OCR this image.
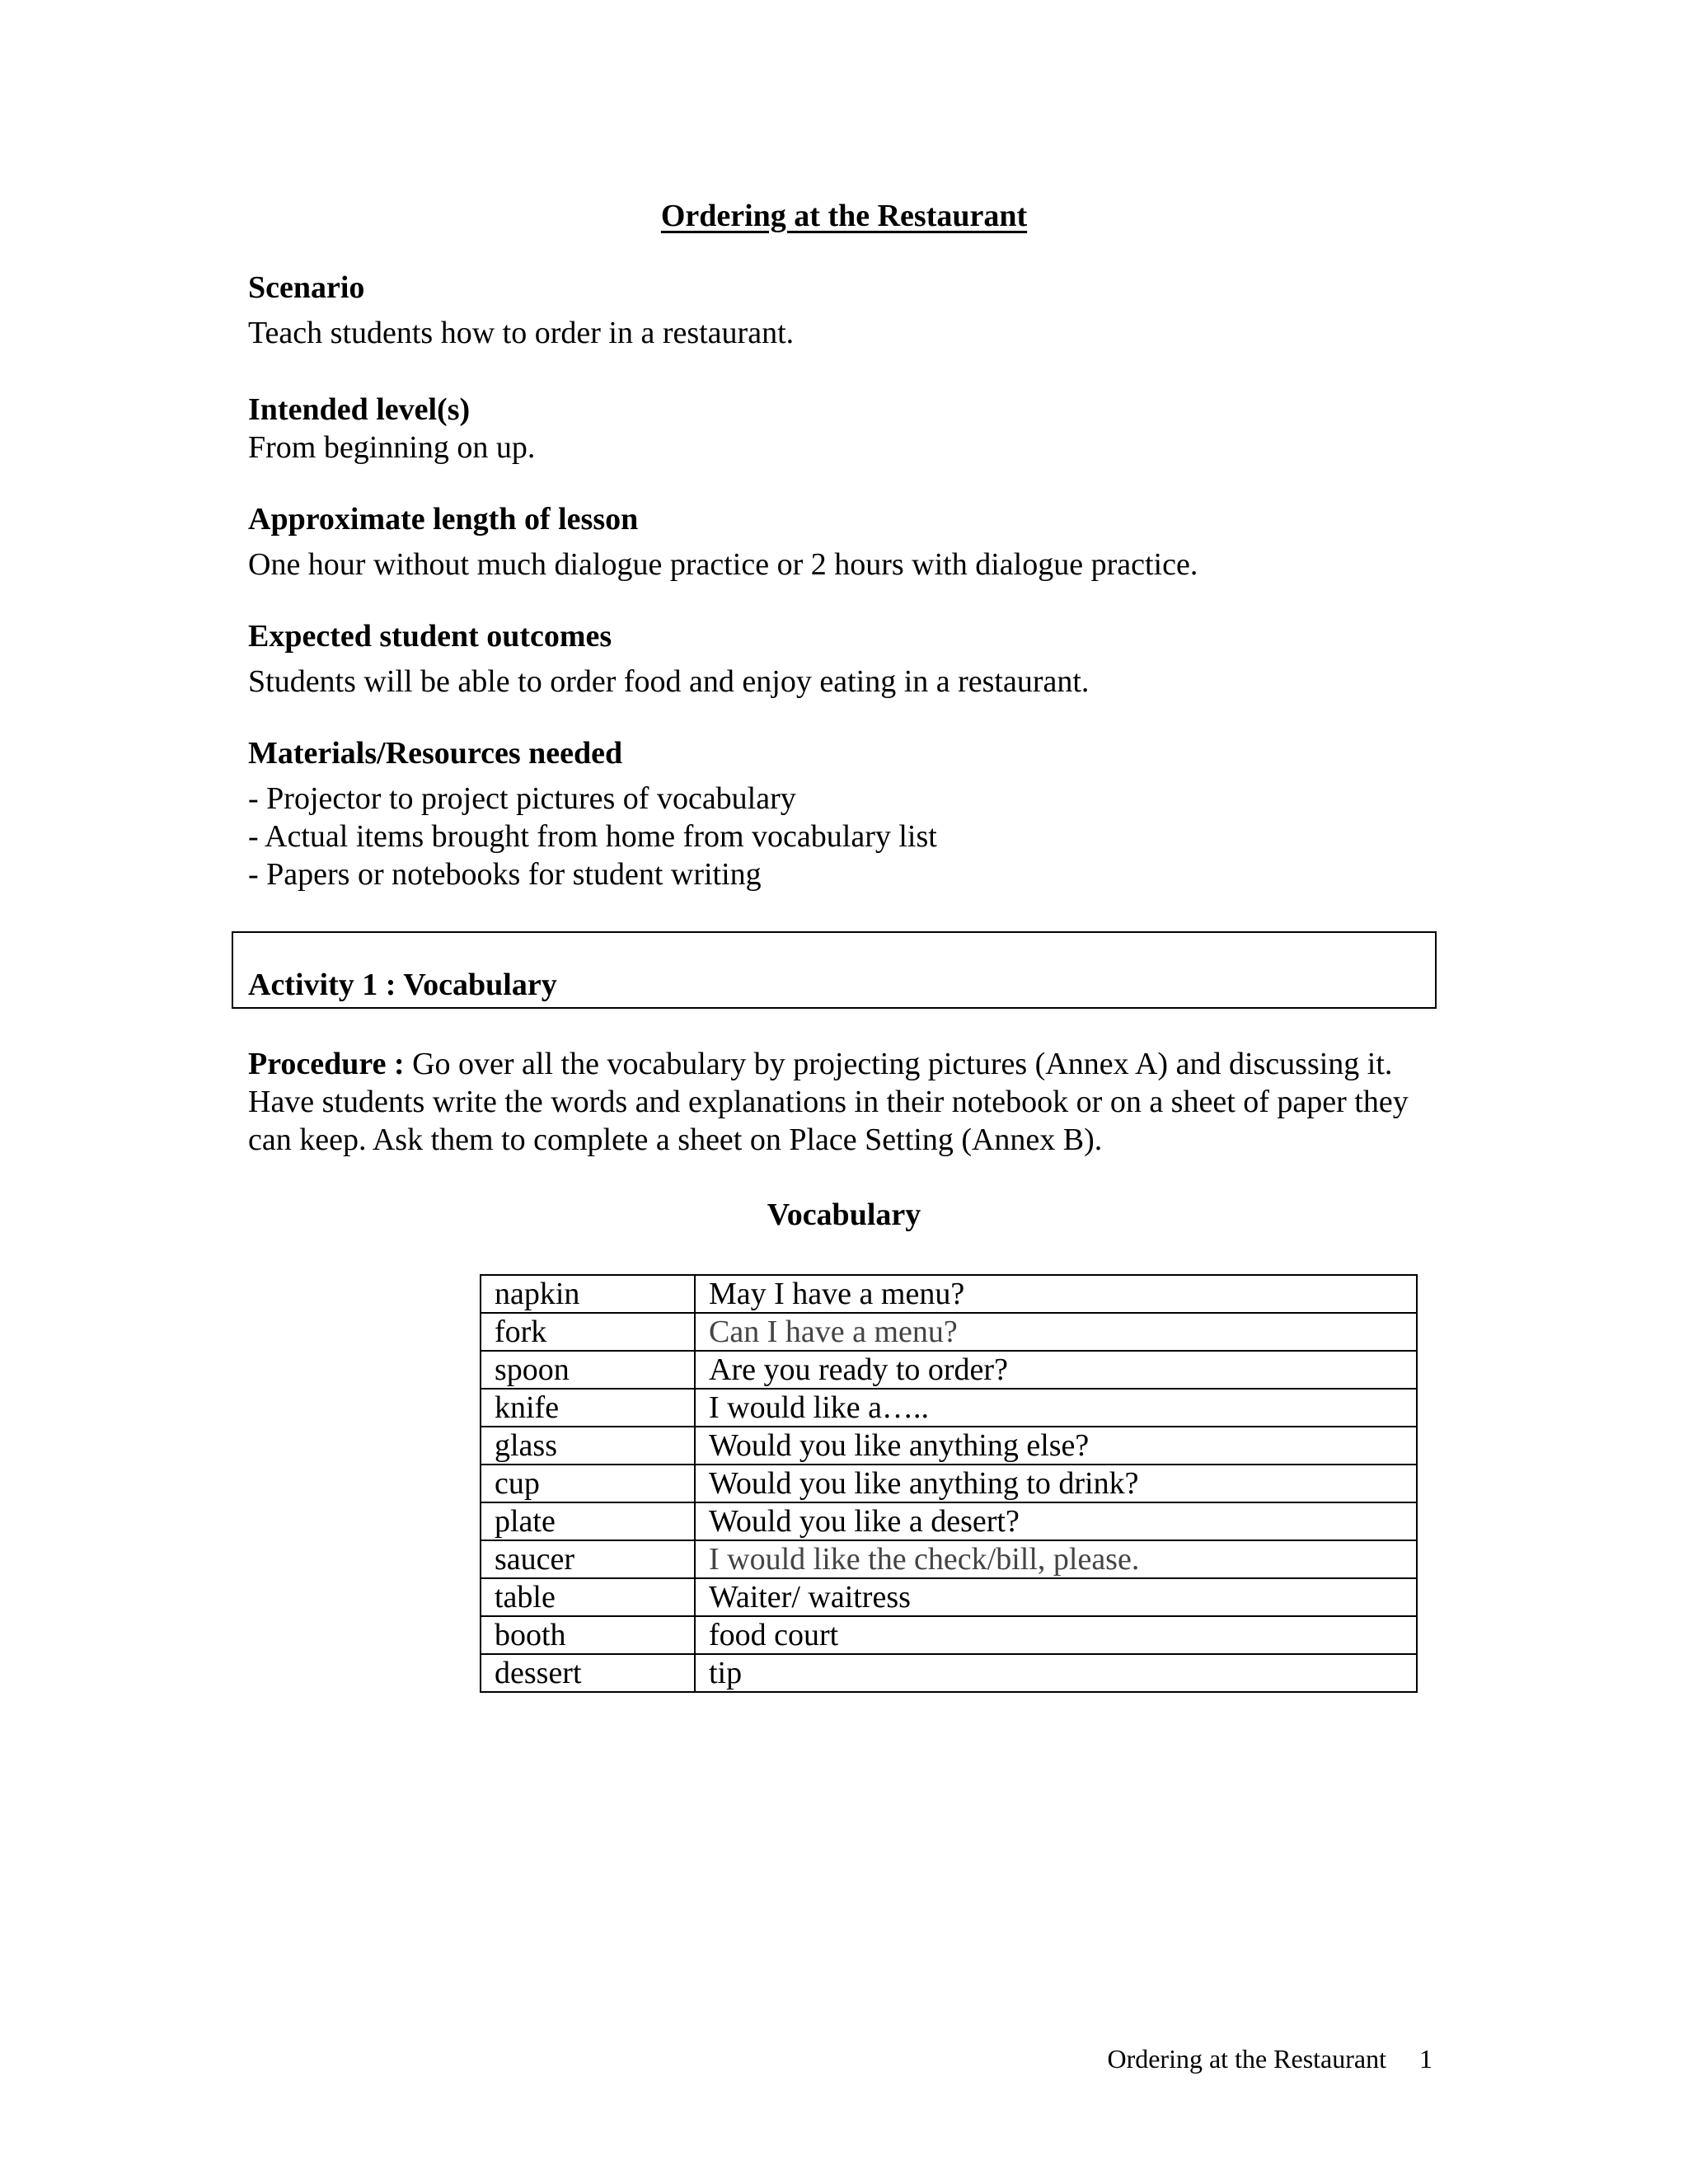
Ordering at the Restaurant
Scenario
Teach students how to order in a restaurant.
Intended level(s)
From beginning on up.
Approximate length of lesson
One hour without much dialogue practice or 2 hours with dialogue practice.
Expected student outcomes
Students will be able to order food and enjoy eating in a restaurant.
Materials/Resources needed
- Projector to project pictures of vocabulary
- Actual items brought from home from vocabulary list
- Papers or notebooks for student writing
Activity 1 : Vocabulary
Procedure : Go over all the vocabulary by projecting pictures (Annex A) and discussing it. Have students write the words and explanations in their notebook or on a sheet of paper they can keep. Ask them to complete a sheet on Place Setting (Annex B).
Vocabulary
napkin	May I have a menu?
fork	Can I have a menu?
spoon	Are you ready to order?
knife	I would like a…..
glass	Would you like anything else?
cup	Would you like anything to drink?
plate	Would you like a desert?
saucer	I would like the check/bill, please.
table	Waiter/ waitress
booth	food court
dessert	tip
Ordering at the Restaurant 1
